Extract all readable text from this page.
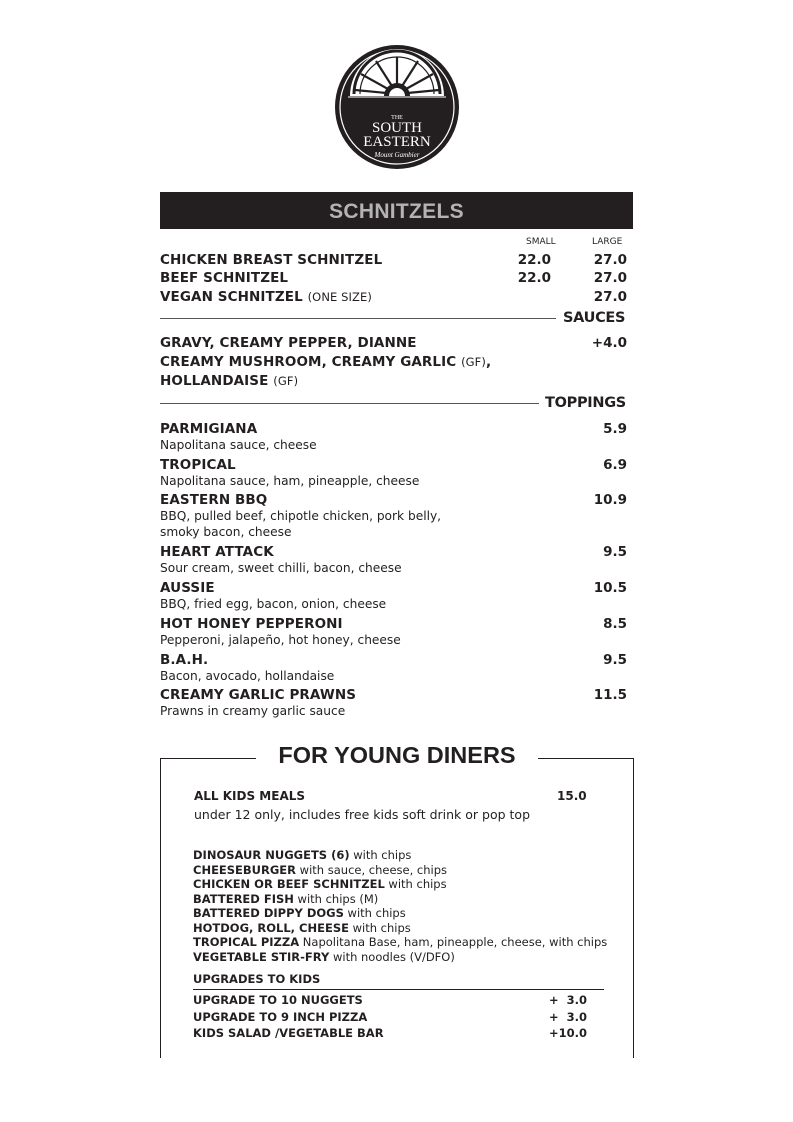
THE
SOUTH
EASTERN
Mount Gambier
SCHNITZELS
SMALL	LARGE
CHICKEN BREAST SCHNITZEL	22.0	27.0
BEEF SCHNITZEL	22.0	27.0
VEGAN SCHNITZEL (ONE SIZE)	27.0
SAUCES
GRAVY, CREAMY PEPPER, DIANNE	+4.0
CREAMY MUSHROOM, CREAMY GARLIC (GF),
HOLLANDAISE (GF)
TOPPINGS
PARMIGIANA	5.9
Napolitana sauce, cheese
TROPICAL	6.9
Napolitana sauce, ham, pineapple, cheese
EASTERN BBQ	10.9
BBQ, pulled beef, chipotle chicken, pork belly,
smoky bacon, cheese
HEART ATTACK	9.5
Sour cream, sweet chilli, bacon, cheese
AUSSIE	10.5
BBQ, fried egg, bacon, onion, cheese
HOT HONEY PEPPERONI	8.5
Pepperoni, jalapeño, hot honey, cheese
B.A.H.	9.5
Bacon, avocado, hollandaise
CREAMY GARLIC PRAWNS	11.5
Prawns in creamy garlic sauce
FOR YOUNG DINERS
ALL KIDS MEALS	15.0
under 12 only, includes free kids soft drink or pop top
DINOSAUR NUGGETS (6) with chips
CHEESEBURGER with sauce, cheese, chips
CHICKEN OR BEEF SCHNITZEL with chips
BATTERED FISH with chips (M)
BATTERED DIPPY DOGS with chips
HOTDOG, ROLL, CHEESE with chips
TROPICAL PIZZA Napolitana Base, ham, pineapple, cheese, with chips
VEGETABLE STIR-FRY with noodles (V/DFO)
UPGRADES TO KIDS
UPGRADE TO 10 NUGGETS	+  3.0
UPGRADE TO 9 INCH PIZZA	+  3.0
KIDS SALAD /VEGETABLE BAR	+10.0
